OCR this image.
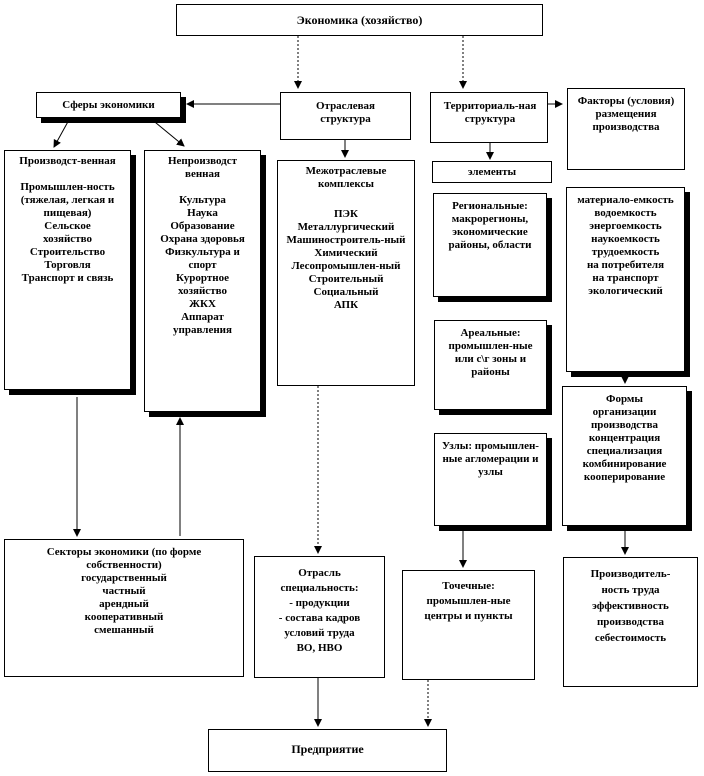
Экономика (хозяйство)
Сферы экономики	Отраслевая структура
Территориаль-ная структура
Факторы (условия) размещения производства
Производст-венная
Промышлен-ность (тяжелая, легкая и пищевая)
Сельское хозяйство
Строительство
Торговля
Транспорт и связь
Непроизводст венная
Культура
Наука
Образование
Охрана здоровья
Физкультура и спорт
Курортное хозяйство
ЖКХ
Аппарат управления
Межотраслевые комплексы
ПЭК
Металлургический
Машиностроитель-ный
Химический
Лесопромышлен-ный
Строительный
Социальный
АПК
элементы
Региональные: макрорегионы, экономические районы, области
Ареальные: промышлен-ные или с\г зоны и районы
Узлы: промышлен-ные агломерации и узлы
материало-емкость
водоемкость
энергоемкость
наукоемкость
трудоемкость
на потребителя
на транспорт
экологический
Формы
организации
производства
концентрация
специализация
комбинирование
кооперирование
Производитель-
ность труда
эффективность
производства
себестоимость
Секторы экономики (по форме собственности)
государственный
частный
арендный
кооперативный
смешанный
Отрасль
специальность:
- продукции
- состава кадров
условий труда
ВО, НВО
Точечные: промышлен-ные центры и пункты
Предприятие
